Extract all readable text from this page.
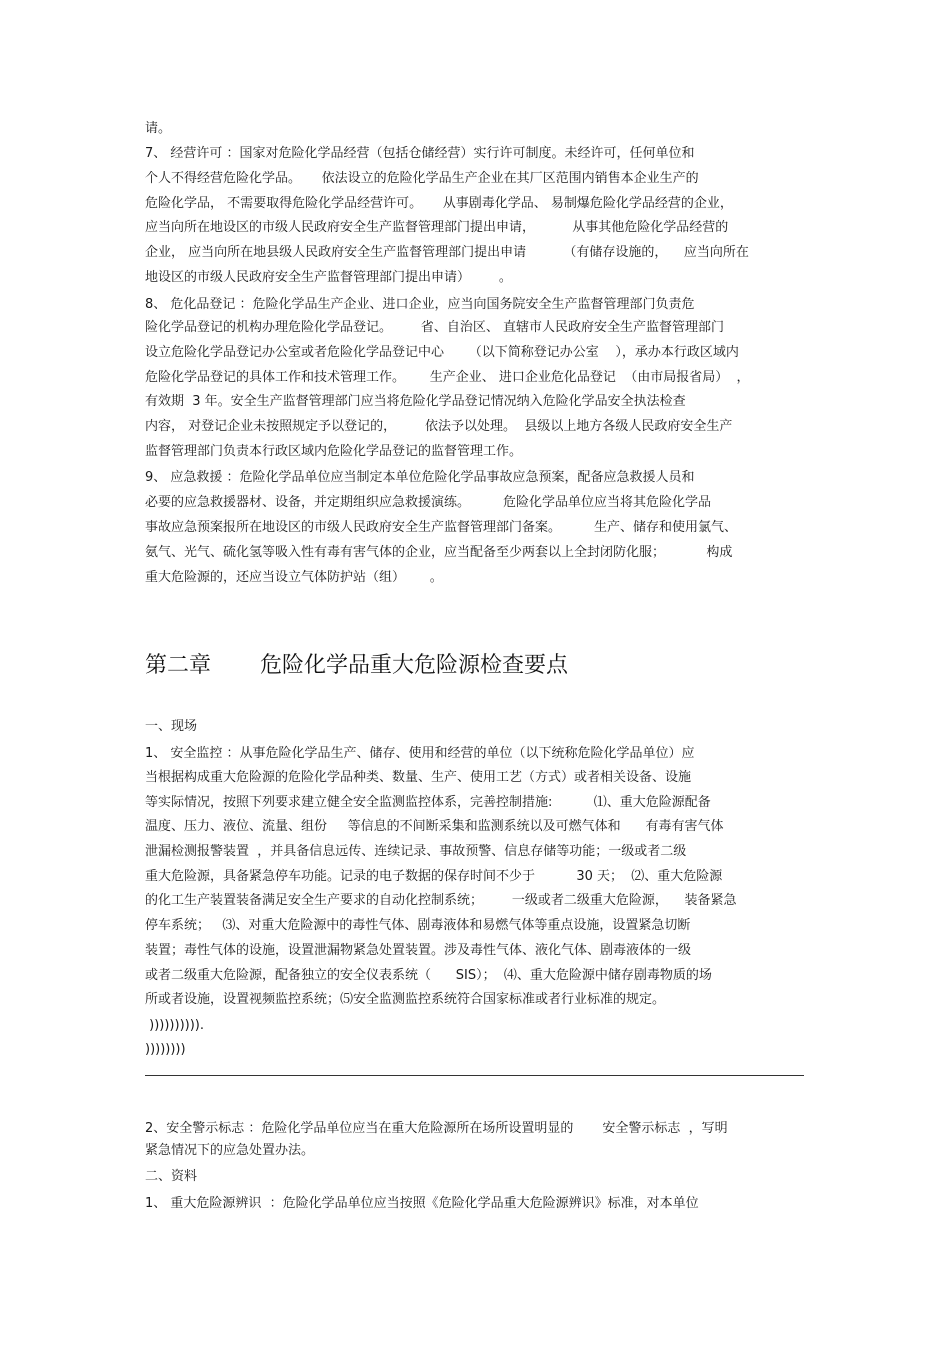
请。
7、 经营许可 ：国家对危险化学品经营（包括仓储经营）实行许可制度。未经许可，任何单位和
个人不得经营危险化学品。     依法设立的危险化学品生产企业在其厂区范围内销售本企业生产的
危险化学品， 不需要取得危险化学品经营许可。     从事剧毒化学品、 易制爆危险化学品经营的企业，
应当向所在地设区的市级人民政府安全生产监督管理部门提出申请，         从事其他危险化学品经营的
企业， 应当向所在地县级人民政府安全生产监督管理部门提出申请         （有储存设施的，    应当向所在
地设区的市级人民政府安全生产监督管理部门提出申请）       。
8、 危化品登记 ：危险化学品生产企业、进口企业，应当向国务院安全生产监督管理部门负责危
险化学品登记的机构办理危险化学品登记。       省、自治区、 直辖市人民政府安全生产监督管理部门
设立危险化学品登记办公室或者危险化学品登记中心      （以下简称登记办公室    ），承办本行政区域内
危险化学品登记的具体工作和技术管理工作。      生产企业、 进口企业危化品登记  （由市局报省局）  ，
有效期  3 年。安全生产监督管理部门应当将危险化学品登记情况纳入危险化学品安全执法检查
内容， 对登记企业未按照规定予以登记的，       依法予以处理。  县级以上地方各级人民政府安全生产
监督管理部门负责本行政区域内危险化学品登记的监督管理工作。
9、 应急救援 ：危险化学品单位应当制定本单位危险化学品事故应急预案，配备应急救援人员和
必要的应急救援器材、设备，并定期组织应急救援演练。        危险化学品单位应当将其危险化学品
事故应急预案报所在地设区的市级人民政府安全生产监督管理部门备案。        生产、储存和使用氯气、
氨气、光气、硫化氢等吸入性有毒有害气体的企业，应当配备至少两套以上全封闭防化服；          构成
重大危险源的，还应当设立气体防护站（组）      。
第二章       危险化学品重大危险源检查要点
一、现场
1、 安全监控 ：从事危险化学品生产、储存、使用和经营的单位（以下统称危险化学品单位）应
当根据构成重大危险源的危险化学品种类、数量、生产、使用工艺（方式）或者相关设备、设施
等实际情况，按照下列要求建立健全安全监测监控体系，完善控制措施:          ⑴、重大危险源配备
温度、压力、液位、流量、组份     等信息的不间断采集和监测系统以及可燃气体和      有毒有害气体
泄漏检测报警装置  ，并具备信息远传、连续记录、事故预警、信息存储等功能；一级或者二级
重大危险源，具备紧急停车功能。记录的电子数据的保存时间不少于          30 天；  ⑵、重大危险源
的化工生产装置装备满足安全生产要求的自动化控制系统；       一级或者二级重大危险源，    装备紧急
停车系统；   ⑶、对重大危险源中的毒性气体、剧毒液体和易燃气体等重点设施，设置紧急切断
装置；毒性气体的设施，设置泄漏物紧急处置装置。涉及毒性气体、液化气体、剧毒液体的一级
或者二级重大危险源，配备独立的安全仪表系统（      SIS）；  ⑷、重大危险源中储存剧毒物质的场
所或者设施，设置视频监控系统；⑸安全监测监控系统符合国家标准或者行业标准的规定。
)))))))))).
))))))))
2、安全警示标志 ：危险化学品单位应当在重大危险源所在场所设置明显的       安全警示标志  ，写明
紧急情况下的应急处置办法。
二、资料
1、 重大危险源辨识  ：危险化学品单位应当按照《危险化学品重大危险源辨识》标准，对本单位
